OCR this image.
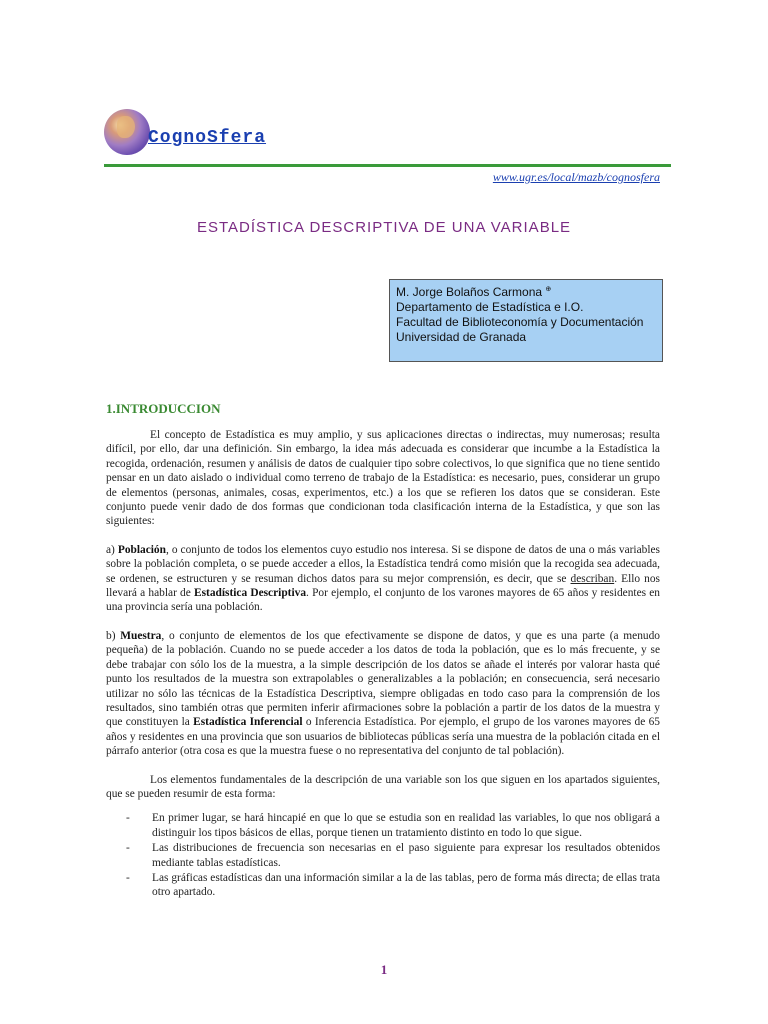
CognoSfera
www.ugr.es/local/mazb/cognosfera
ESTADÍSTICA DESCRIPTIVA DE UNA VARIABLE
M. Jorge Bolaños Carmona ⊕
Departamento de Estadística e I.O.
Facultad de Biblioteconomía y Documentación
Universidad de Granada
1.INTRODUCCION

El concepto de Estadística es muy amplio, y sus aplicaciones directas o indirectas, muy numerosas; resulta difícil, por ello, dar una definición. Sin embargo, la idea más adecuada es considerar que incumbe a la Estadística la recogida, ordenación, resumen y análisis de datos de cualquier tipo sobre colectivos, lo que significa que no tiene sentido pensar en un dato aislado o individual como terreno de trabajo de la Estadística: es necesario, pues, considerar un grupo de elementos (personas, animales, cosas, experimentos, etc.) a los que se refieren los datos que se consideran. Este conjunto puede venir dado de dos formas que condicionan toda clasificación interna de la Estadística, y que son las siguientes:

a) Población, o conjunto de todos los elementos cuyo estudio nos interesa. Si se dispone de datos de una o más variables sobre la población completa, o se puede acceder a ellos, la Estadística tendrá como misión que la recogida sea adecuada, se ordenen, se estructuren y se resuman dichos datos para su mejor comprensión, es decir, que se describan. Ello nos llevará a hablar de Estadística Descriptiva. Por ejemplo, el conjunto de los varones mayores de 65 años y residentes en una provincia sería una población.

b) Muestra, o conjunto de elementos de los que efectivamente se dispone de datos, y que es una parte (a menudo pequeña) de la población. Cuando no se puede acceder a los datos de toda la población, que es lo más frecuente, y se debe trabajar con sólo los de la muestra, a la simple descripción de los datos se añade el interés por valorar hasta qué punto los resultados de la muestra son extrapolables o generalizables a la población; en consecuencia, será necesario utilizar no sólo las técnicas de la Estadística Descriptiva, siempre obligadas en todo caso para la comprensión de los resultados, sino también otras que permiten inferir afirmaciones sobre la población a partir de los datos de la muestra y que constituyen la Estadística Inferencial o Inferencia Estadística. Por ejemplo, el grupo de los varones mayores de 65 años y residentes en una provincia que son usuarios de bibliotecas públicas sería una muestra de la población citada en el párrafo anterior (otra cosa es que la muestra fuese o no representativa del conjunto de tal población).

Los elementos fundamentales de la descripción de una variable son los que siguen en los apartados siguientes, que se pueden resumir de esta forma:

- En primer lugar, se hará hincapié en que lo que se estudia son en realidad las variables, lo que nos obligará a distinguir los tipos básicos de ellas, porque tienen un tratamiento distinto en todo lo que sigue.
- Las distribuciones de frecuencia son necesarias en el paso siguiente para expresar los resultados obtenidos mediante tablas estadísticas.
- Las gráficas estadísticas dan una información similar a la de las tablas, pero de forma más directa; de ellas trata otro apartado.
1
